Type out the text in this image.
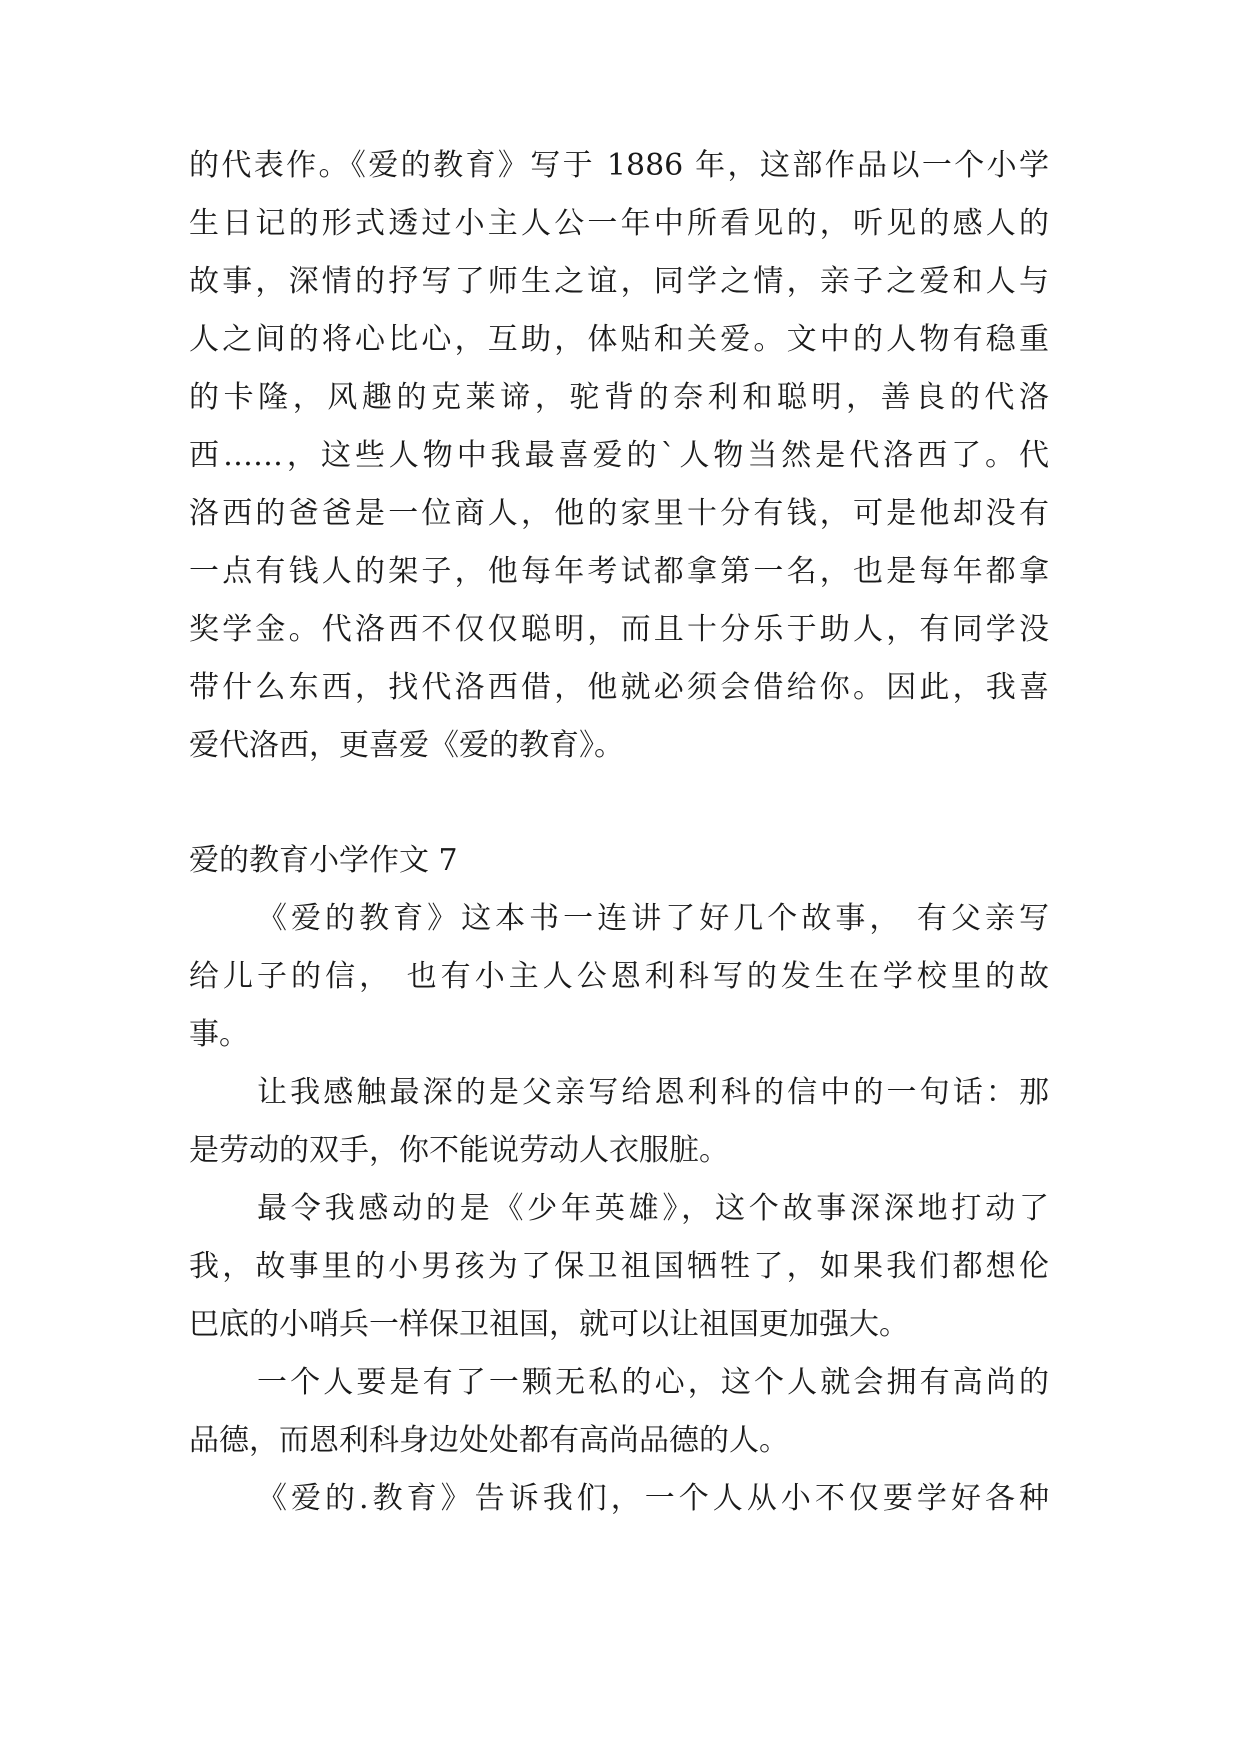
的代表作。《爱的教育》写于 1886 年，这部作品以一个小学
生日记的形式透过小主人公一年中所看见的，听见的感人的
故事，深情的抒写了师生之谊，同学之情，亲子之爱和人与
人之间的将心比心，互助，体贴和关爱。文中的人物有稳重
的卡隆，风趣的克莱谛，驼背的奈利和聪明，善良的代洛
西……，这些人物中我最喜爱的`人物当然是代洛西了。代
洛西的爸爸是一位商人，他的家里十分有钱，可是他却没有
一点有钱人的架子，他每年考试都拿第一名，也是每年都拿
奖学金。代洛西不仅仅聪明，而且十分乐于助人，有同学没
带什么东西，找代洛西借，他就必须会借给你。因此，我喜
爱代洛西，更喜爱《爱的教育》。
爱的教育小学作文 7
《爱的教育》这本书一连讲了好几个故事， 有父亲写
给儿子的信， 也有小主人公恩利科写的发生在学校里的故
事。
让我感触最深的是父亲写给恩利科的信中的一句话：那
是劳动的双手，你不能说劳动人衣服脏。
最令我感动的是《少年英雄》，这个故事深深地打动了
我，故事里的小男孩为了保卫祖国牺牲了，如果我们都想伦
巴底的小哨兵一样保卫祖国，就可以让祖国更加强大。
一个人要是有了一颗无私的心，这个人就会拥有高尚的
品德，而恩利科身边处处都有高尚品德的人。
《爱的.教育》告诉我们，一个人从小不仅要学好各种
